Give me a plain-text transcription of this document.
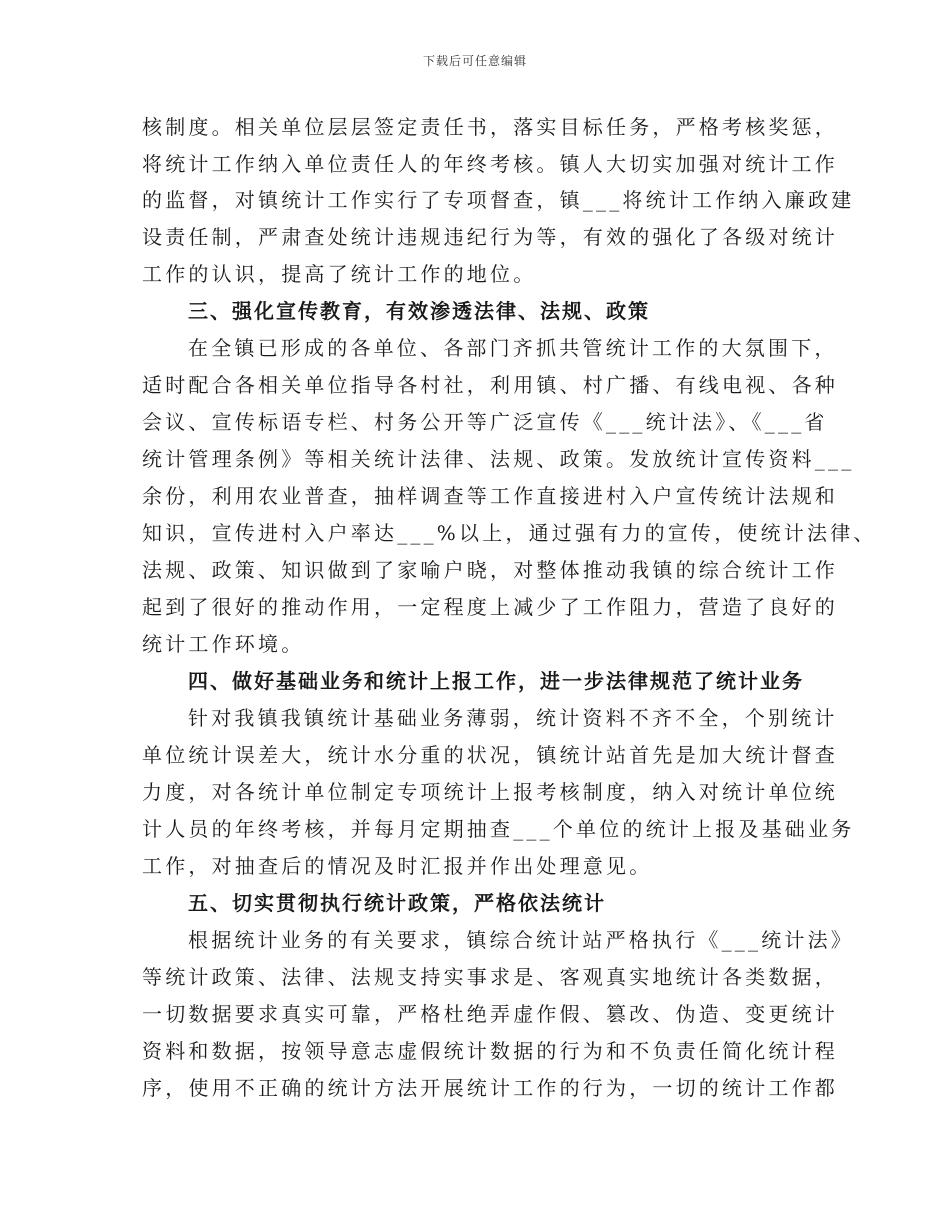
下载后可任意编辑
核制度。相关单位层层签定责任书，落实目标任务，严格考核奖惩，
将统计工作纳入单位责任人的年终考核。镇人大切实加强对统计工作
的监督，对镇统计工作实行了专项督查，镇___将统计工作纳入廉政建
设责任制，严肃查处统计违规违纪行为等，有效的强化了各级对统计
工作的认识，提高了统计工作的地位。
三、强化宣传教育，有效渗透法律、法规、政策
在全镇已形成的各单位、各部门齐抓共管统计工作的大氛围下，
适时配合各相关单位指导各村社，利用镇、村广播、有线电视、各种
会议、宣传标语专栏、村务公开等广泛宣传《___统计法》、《___省
统计管理条例》等相关统计法律、法规、政策。发放统计宣传资料___
余份，利用农业普查，抽样调查等工作直接进村入户宣传统计法规和
知识，宣传进村入户率达___%以上，通过强有力的宣传，使统计法律、
法规、政策、知识做到了家喻户晓，对整体推动我镇的综合统计工作
起到了很好的推动作用，一定程度上减少了工作阻力，营造了良好的
统计工作环境。
四、做好基础业务和统计上报工作，进一步法律规范了统计业务
针对我镇我镇统计基础业务薄弱，统计资料不齐不全，个别统计
单位统计误差大，统计水分重的状况，镇统计站首先是加大统计督查
力度，对各统计单位制定专项统计上报考核制度，纳入对统计单位统
计人员的年终考核，并每月定期抽查___个单位的统计上报及基础业务
工作，对抽查后的情况及时汇报并作出处理意见。
五、切实贯彻执行统计政策，严格依法统计
根据统计业务的有关要求，镇综合统计站严格执行《___统计法》
等统计政策、法律、法规支持实事求是、客观真实地统计各类数据，
一切数据要求真实可靠，严格杜绝弄虚作假、篡改、伪造、变更统计
资料和数据，按领导意志虚假统计数据的行为和不负责任简化统计程
序，使用不正确的统计方法开展统计工作的行为，一切的统计工作都
